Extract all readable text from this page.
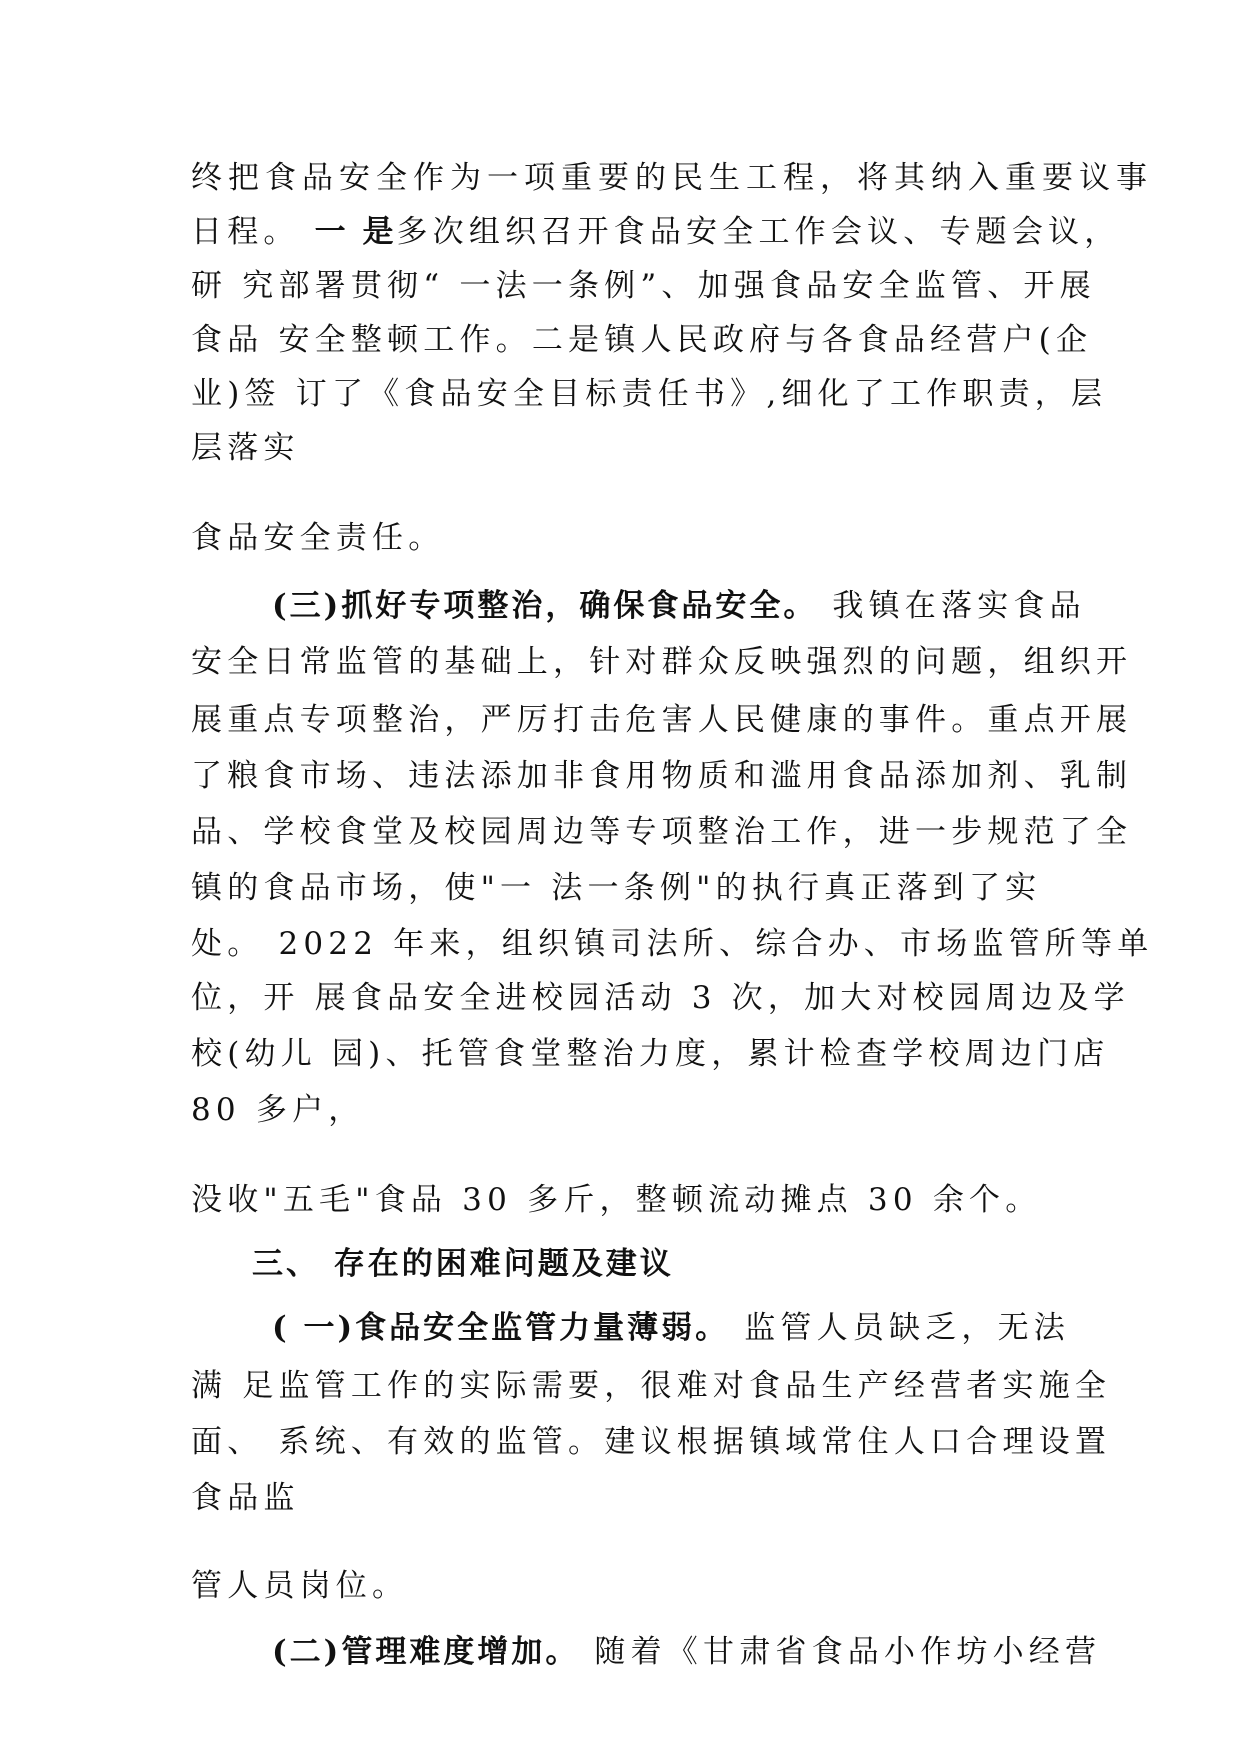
终把食品安全作为一项重要的民生工程，将其纳入重要议事
日程。 一 是多次组织召开食品安全工作会议、专题会议，
研 究部署贯彻“ 一法一条例”、加强食品安全监管、开展
食品 安全整顿工作。二是镇人民政府与各食品经营户(企
业)签 订了《食品安全目标责任书》,细化了工作职责，层
层落实
食品安全责任。
(三)抓好专项整治，确保食品安全。 我镇在落实食品
安全日常监管的基础上，针对群众反映强烈的问题，组织开
展重点专项整治，严厉打击危害人民健康的事件。重点开展
了粮食市场、违法添加非食用物质和滥用食品添加剂、乳制
品、学校食堂及校园周边等专项整治工作，进一步规范了全
镇的食品市场，使"一 法一条例"的执行真正落到了实
处。 2022 年来，组织镇司法所、综合办、市场监管所等单
位，开 展食品安全进校园活动 3 次，加大对校园周边及学
校(幼儿 园)、托管食堂整治力度，累计检查学校周边门店
80 多户，
没收"五毛"食品 30 多斤，整顿流动摊点 30 余个。
三、 存在的困难问题及建议
( 一)食品安全监管力量薄弱。 监管人员缺乏，无法
满 足监管工作的实际需要，很难对食品生产经营者实施全
面、 系统、有效的监管。建议根据镇域常住人口合理设置
食品监
管人员岗位。
(二)管理难度增加。 随着《甘肃省食品小作坊小经营
